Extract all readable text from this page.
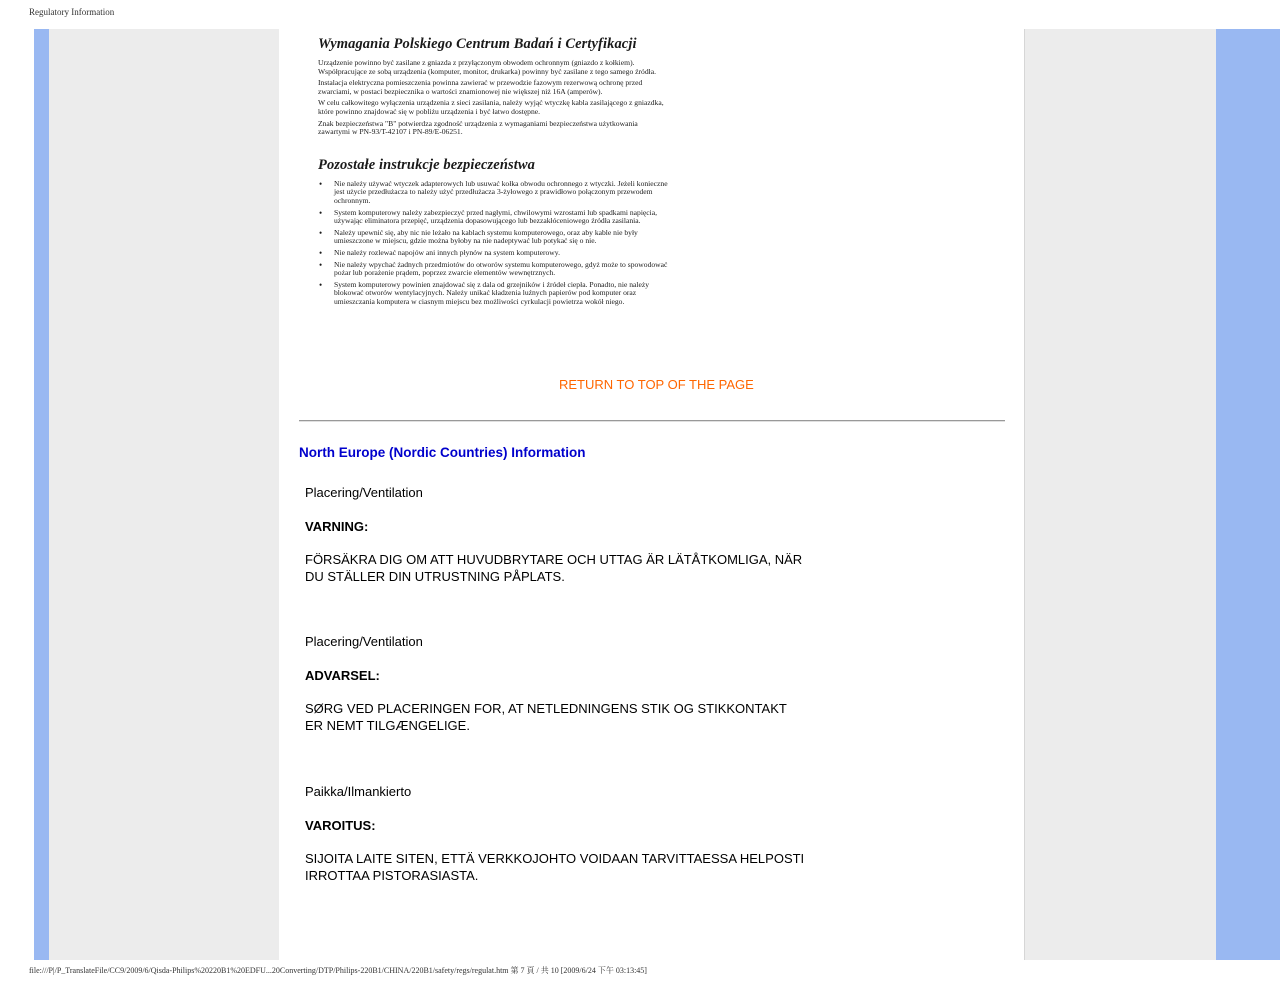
Regulatory Information
Wymagania Polskiego Centrum Badań i Certyfikacji

Urządzenie powinno być zasilane z gniazda z przyłączonym obwodem ochronnym (gniazdo z kołkiem). Współpracujące ze sobą urządzenia (komputer, monitor, drukarka) powinny być zasilane z tego samego źródła.

Instalacja elektryczna pomieszczenia powinna zawierać w przewodzie fazowym rezerwową ochronę przed zwarciami, w postaci bezpiecznika o wartości znamionowej nie większej niż 16A (amperów).

W celu całkowitego wyłączenia urządzenia z sieci zasilania, należy wyjąć wtyczkę kabla zasilającego z gniazdka, które powinno znajdować się w pobliżu urządzenia i być łatwo dostępne.

Znak bezpieczeństwa "B" potwierdza zgodność urządzenia z wymaganiami bezpieczeństwa użytkowania zawartymi w PN-93/T-42107 i PN-89/E-06251.

Pozostałe instrukcje bezpieczeństwa
• Nie należy używać wtyczek adapterowych lub usuwać kołka obwodu ochronnego z wtyczki. Jeżeli konieczne jest użycie przedłużacza to należy użyć przedłużacza 3-żyłowego z prawidłowo połączonym przewodem ochronnym.
• System komputerowy należy zabezpieczyć przed nagłymi, chwilowymi wzrostami lub spadkami napięcia, używając eliminatora przepięć, urządzenia dopasowującego lub bezzakłóceniowego źródła zasilania.
• Należy upewnić się, aby nic nie leżało na kablach systemu komputerowego, oraz aby kable nie były umieszczone w miejscu, gdzie można byłoby na nie nadeptywać lub potykać się o nie.
• Nie należy rozlewać napojów ani innych płynów na system komputerowy.
• Nie należy wpychać żadnych przedmiotów do otworów systemu komputerowego, gdyż może to spowodować pożar lub porażenie prądem, poprzez zwarcie elementów wewnętrznych.
• System komputerowy powinien znajdować się z dala od grzejników i źródeł ciepła. Ponadto, nie należy blokować otworów wentylacyjnych. Należy unikać kładzenia luźnych papierów pod komputer oraz umieszczania komputera w ciasnym miejscu bez możliwości cyrkulacji powietrza wokół niego.
RETURN TO TOP OF THE PAGE
North Europe (Nordic Countries) Information
Placering/Ventilation
VARNING:
FÖRSÄKRA DIG OM ATT HUVUDBRYTARE OCH UTTAG ÄR LÄTÅTKOMLIGA, NÄR
DU STÄLLER DIN UTRUSTNING PÅPLATS.
Placering/Ventilation
ADVARSEL:
SØRG VED PLACERINGEN FOR, AT NETLEDNINGENS STIK OG STIKKONTAKT
ER NEMT TILGÆNGELIGE.
Paikka/Ilmankierto
VAROITUS:
SIJOITA LAITE SITEN, ETTÄ VERKKOJOHTO VOIDAAN TARVITTAESSA HELPOSTI
IRROTTAA PISTORASIASTA.
file:///P|/P_TranslateFile/CC9/2009/6/Qisda-Philips%20220B1%20EDFU...20Converting/DTP/Philips-220B1/CHINA/220B1/safety/regs/regulat.htm 第 7 頁 / 共 10 [2009/6/24 下午 03:13:45]
